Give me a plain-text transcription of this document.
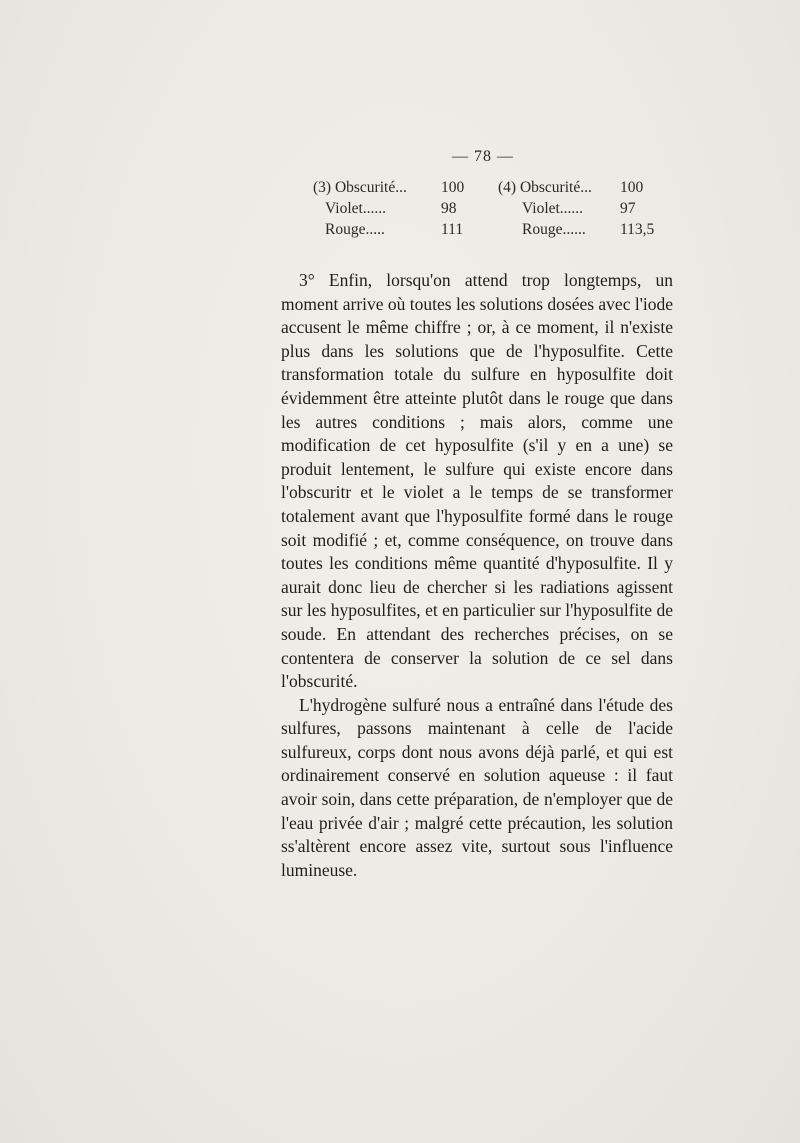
— 78 —
(3) Obscurité... 100
Violet......	98
Rouge.....	111
(4) Obscurité... 100
Violet...... 97
Rouge...... 113,5

3° Enfin, lorsqu'on attend trop longtemps, un moment arrive où toutes les solutions dosées avec l'iode accusent le même chiffre ; or, à ce moment, il n'existe plus dans les solutions que de l'hyposulfite. Cette transformation totale du sulfure en hyposulfite doit évidemment être atteinte plutôt dans le rouge que dans les autres conditions ; mais alors, comme une modification de cet hyposulfite (s'il y en a une) se produit lentement, le sulfure qui existe encore dans l'obscuritr et le violet a le temps de se transformer totalement avant que l'hyposulfite formé dans le rouge soit modifié ; et, comme conséquence, on trouve dans toutes les conditions même quantité d'hyposulfite. Il y aurait donc lieu de chercher si les radiations agissent sur les hyposulfites, et en particulier sur l'hyposulfite de soude. En attendant des recherches précises, on se contentera de conserver la solution de ce sel dans l'obscurité.

L'hydrogène sulfuré nous a entraîné dans l'étude des sulfures, passons maintenant à celle de l'acide sulfureux, corps dont nous avons déjà parlé, et qui est ordinairement conservé en solution aqueuse : il faut avoir soin, dans cette préparation, de n'employer que de l'eau privée d'air ; malgré cette précaution, les solution ss'altèrent encore assez vite, surtout sous l'influence lumineuse.
